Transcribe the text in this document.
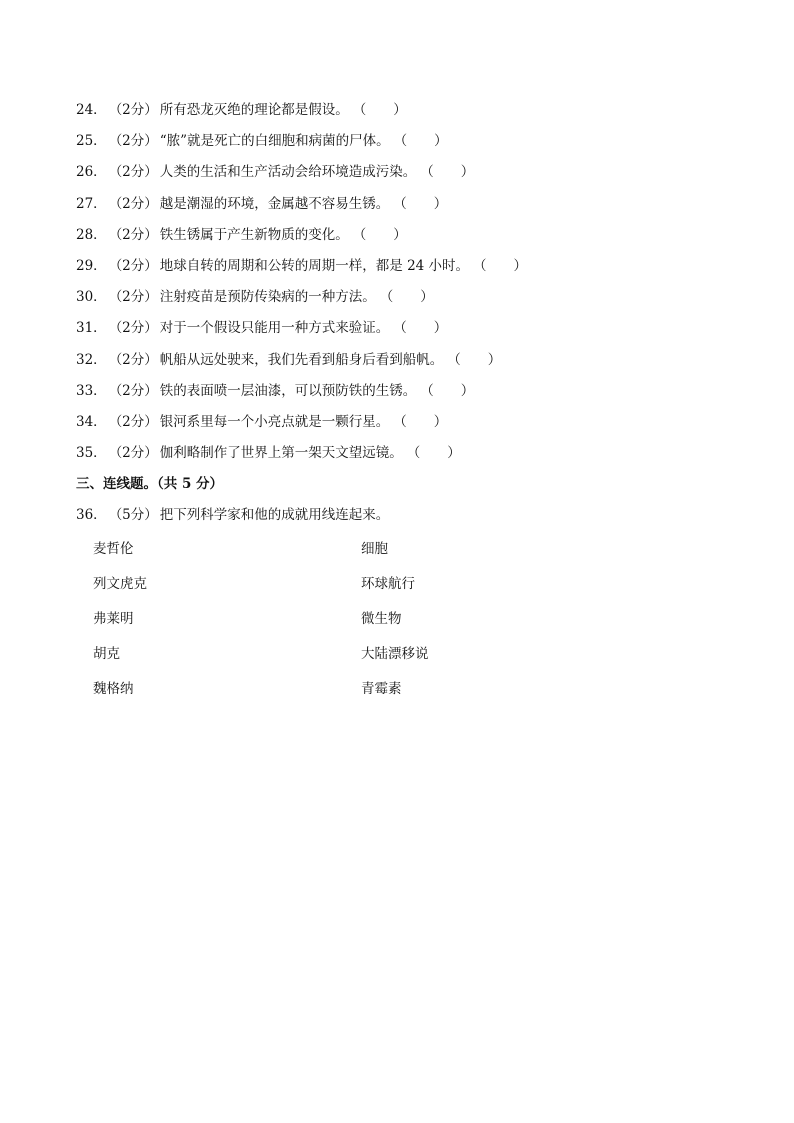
24． （2分） 所有恐龙灭绝的理论都是假设。 （　　）
25． （2分） “脓”就是死亡的白细胞和病菌的尸体。 （　　）
26． （2分） 人类的生活和生产活动会给环境造成污染。 （　　）
27． （2分） 越是潮湿的环境，金属越不容易生锈。 （　　）
28． （2分） 铁生锈属于产生新物质的变化。 （　　）
29． （2分） 地球自转的周期和公转的周期一样，都是 24 小时。 （　　）
30． （2分） 注射疫苗是预防传染病的一种方法。 （　　）
31． （2分） 对于一个假设只能用一种方式来验证。 （　　）
32． （2分） 帆船从远处驶来，我们先看到船身后看到船帆。 （　　）
33． （2分） 铁的表面喷一层油漆，可以预防铁的生锈。 （　　）
34． （2分） 银河系里每一个小亮点就是一颗行星。 （　　）
35． （2分） 伽利略制作了世界上第一架天文望远镜。 （　　）
三、连线题。（共 5 分）
36． （5分） 把下列科学家和他的成就用线连起来。
麦哲伦	细胞
列文虎克	环球航行
弗莱明	微生物
胡克	大陆漂移说
魏格纳	青霉素
